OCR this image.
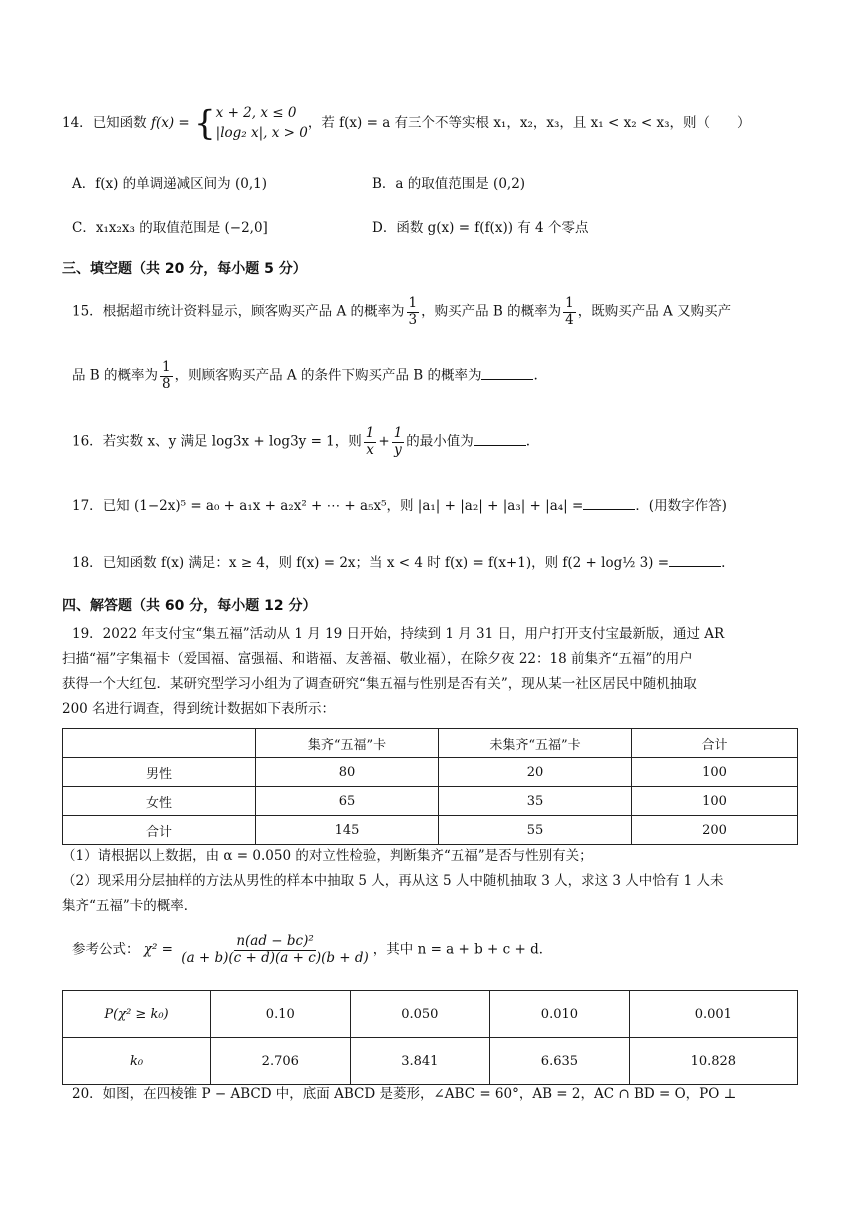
14．已知函数 f(x) = { x + 2, x ≤ 0
|log₂ x|, x > 0
，若 f(x) = a 有三个不等实根 x₁，x₂，x₃，且 x₁ < x₂ < x₃，则（　　）
A．f(x) 的单调递减区间为 (0,1)	B．a 的取值范围是 (0,2)
C．x₁x₂x₃ 的取值范围是 (−2,0]	D．函数 g(x) = f(f(x)) 有 4 个零点
三、填空题（共 20 分，每小题 5 分）
15．根据超市统计资料显示，顾客购买产品 A 的概率为 $\frac{1}{3}$ ，购买产品 B 的概率为 $\frac{1}{4}$ ，既购买产品 A 又购买产
品 B 的概率为 $\frac{1}{8}$ ，则顾客购买产品 A 的条件下购买产品 B 的概率为	.
16．若实数 x、y 满足 log3x + log3y = 1，则 $\frac{1}{x} + \frac{1}{y}$ 的最小值为	.
17．已知 (1−2x)⁵ = a₀ + a₁x + a₂x² + ⋯ + a₅x⁵，则 |a₁| + |a₂| + |a₃| + |a₄| =	．(用数字作答)
18．已知函数 f(x) 满足：x ≥ 4，则 f(x) = 2x；当 x < 4 时 f(x) = f(x+1)，则 f(2 + log½ 3) =	.
四、解答题（共 60 分，每小题 12 分）
19．2022 年支付宝“集五福”活动从 1 月 19 日开始，持续到 1 月 31 日，用户打开支付宝最新版，通过 AR
扫描“福”字集福卡（爱国福、富强福、和谐福、友善福、敬业福），在除夕夜 22：18 前集齐“五福”的用户
获得一个大红包．某研究型学习小组为了调查研究“集五福与性别是否有关”，现从某一社区居民中随机抽取
200 名进行调查，得到统计数据如下表所示：
	集齐“五福”卡	未集齐“五福”卡	合计
男性	80	20	100
女性	65	35	100
合计	145	55	200
（1）请根据以上数据，由 α = 0.050 的对立性检验，判断集齐“五福”是否与性别有关；
（2）现采用分层抽样的方法从男性的样本中抽取 5 人，再从这 5 人中随机抽取 3 人，求这 3 人中恰有 1 人未
集齐“五福”卡的概率．
参考公式： $\chi^2 = \frac{\text{n(ad − bc)²}}{(a + b)(c + d)(a + c)(b + d)}$ ，其中 n = a + b + c + d．
P(χ² ≥ k₀)	0.10	0.050	0.010	0.001
k₀	2.706	3.841	6.635	10.828
20．如图，在四棱锥 P − ABCD 中，底面 ABCD 是菱形，∠ABC = 60°，AB = 2，AC ∩ BD = O，PO ⊥
